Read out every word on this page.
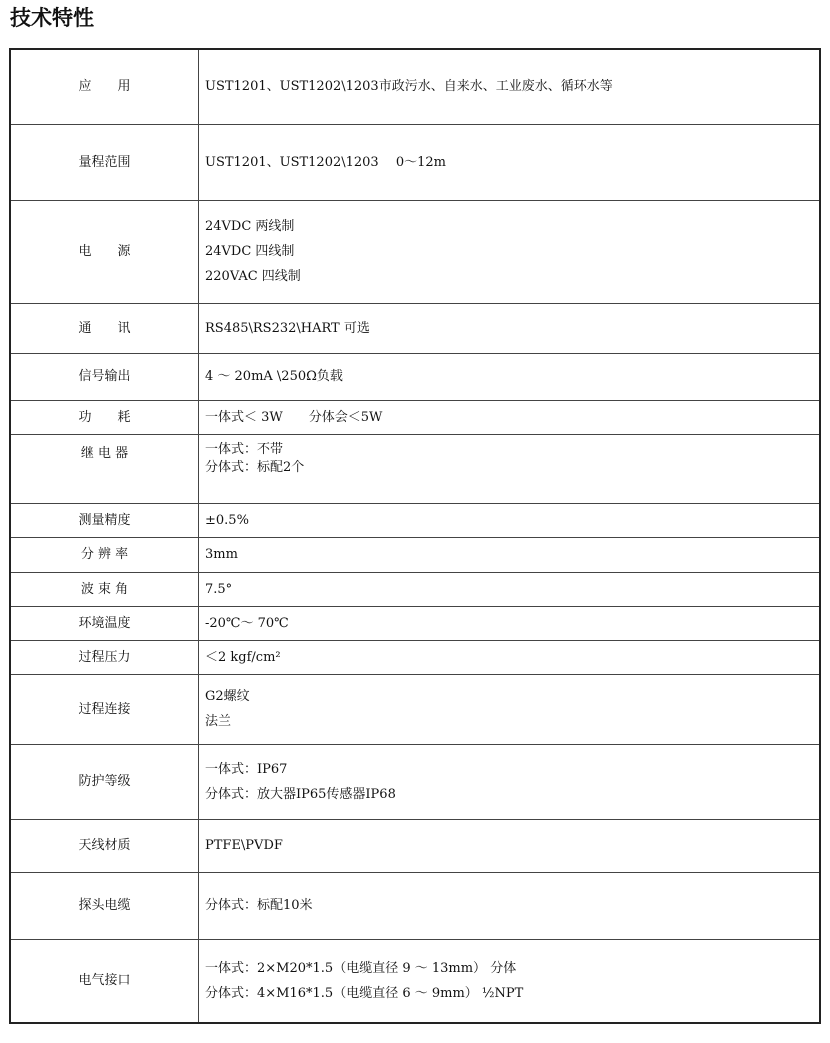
技术特性
应　　用	UST1201、UST1202\1203市政污水、自来水、工业废水、循环水等

量程范围	UST1201、UST1202\1203　 0～12m

电　　源	24VDC 两线制
24VDC 四线制
220VAC 四线制

通　　讯	RS485\RS232\HART 可选

信号输出	4 ～ 20mA \250Ω负载

功　　耗	一体式＜ 3W　　分体会＜5W

继 电 器	一体式：不带
分体式：标配2个

测量精度	±0.5%

分 辨 率	3mm

波 束 角	7.5°

环境温度	-20℃～ 70℃

过程压力	＜2 kgf/cm²

过程连接	G2螺纹
法兰

防护等级	一体式：IP67
分体式：放大器IP65传感器IP68

天线材质	PTFE\PVDF

探头电缆	分体式：标配10米

电气接口	一体式：2×M20*1.5（电缆直径 9 ～ 13mm） 分体
分体式：4×M16*1.5（电缆直径 6 ～ 9mm） ½NPT
